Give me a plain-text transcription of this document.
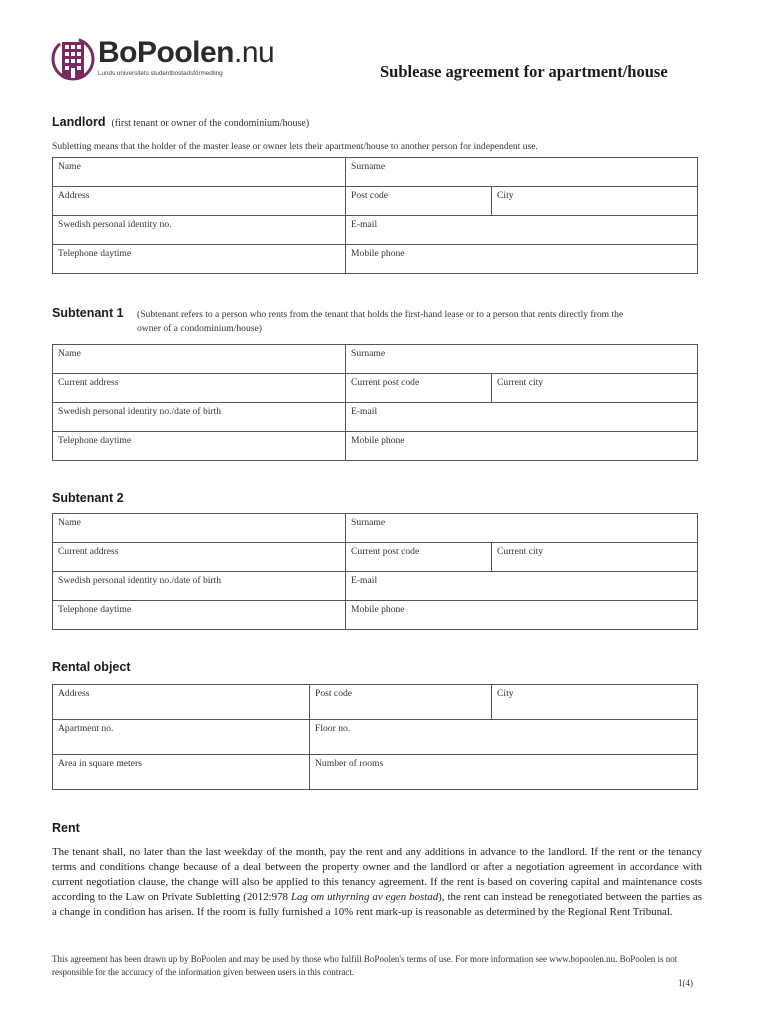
BoPoolen.nu
Lunds universitets studentbostadsförmedling	Sublease agreement for apartment/house
Landlord (first tenant or owner of the condominium/house)
Subletting means that the holder of the master lease or owner lets their apartment/house to another person for independent use.
Name	Surname	
Address	Post code	City
Swedish personal identity no.	E-mail	
Telephone daytime	Mobile phone	
Subtenant 1 (Subtenant refers to a person who rents from the tenant that holds the first-hand lease or to a person that rents directly from the owner of a condominium/house)
Name	Surname	
Current address	Current post code	Current city
Swedish personal identity no./date of birth	E-mail	
Telephone daytime	Mobile phone	
Subtenant 2
Name	Surname	
Current address	Current post code	Current city
Swedish personal identity no./date of birth	E-mail	
Telephone daytime	Mobile phone	
Rental object
Address	Post code	City
Apartment no.	Floor no.	
Area in square meters	Number of rooms	
Rent
The tenant shall, no later than the last weekday of the month, pay the rent and any additions in advance to the landlord. If the rent or the tenancy terms and conditions change because of a deal between the property owner and the landlord or after a negotiation agreement in accordance with current negotiation clause, the change will also be applied to this tenancy agreement. If the rent is based on covering capital and maintenance costs according to the Law on Private Subletting (2012:978 Lag om uthyrning av egen bostad), the rent can instead be renegotiated between the parties as a change in condition has arisen. If the room is fully furnished a 10% rent mark-up is reasonable as determined by the Regional Rent Tribunal.
This agreement has been drawn up by BoPoolen and may be used by those who fulfill BoPoolen's terms of use. For more information see www.bopoolen.nu. BoPoolen is not responsible for the accuracy of the information given between users in this contract.
1(4)
